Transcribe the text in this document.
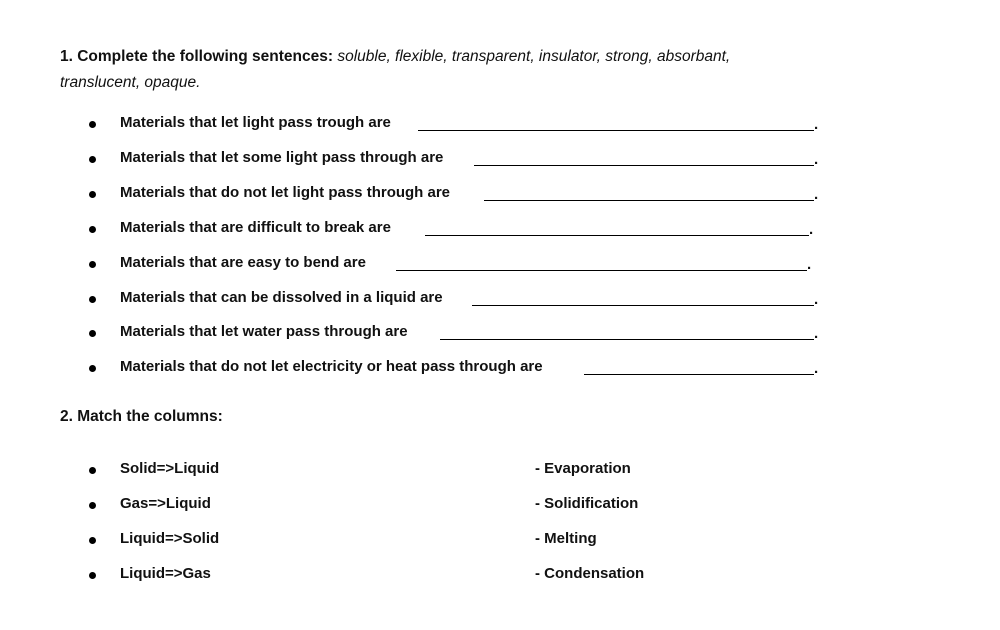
1. Complete the following sentences: soluble, flexible, transparent, insulator, strong, absorbant,
translucent, opaque.
Materials that let light pass trough are	.
Materials that let some light pass through are	.
Materials that do not let light pass through are	.
Materials that are difficult to break are	.
Materials that are easy to bend are	.
Materials that can be dissolved in a liquid are	.
Materials that let water pass through are	.
Materials that do not let electricity or heat pass through are	.
2. Match the columns:
Solid=>Liquid	- Evaporation
Gas=>Liquid	- Solidification
Liquid=>Solid	- Melting
Liquid=>Gas	- Condensation
